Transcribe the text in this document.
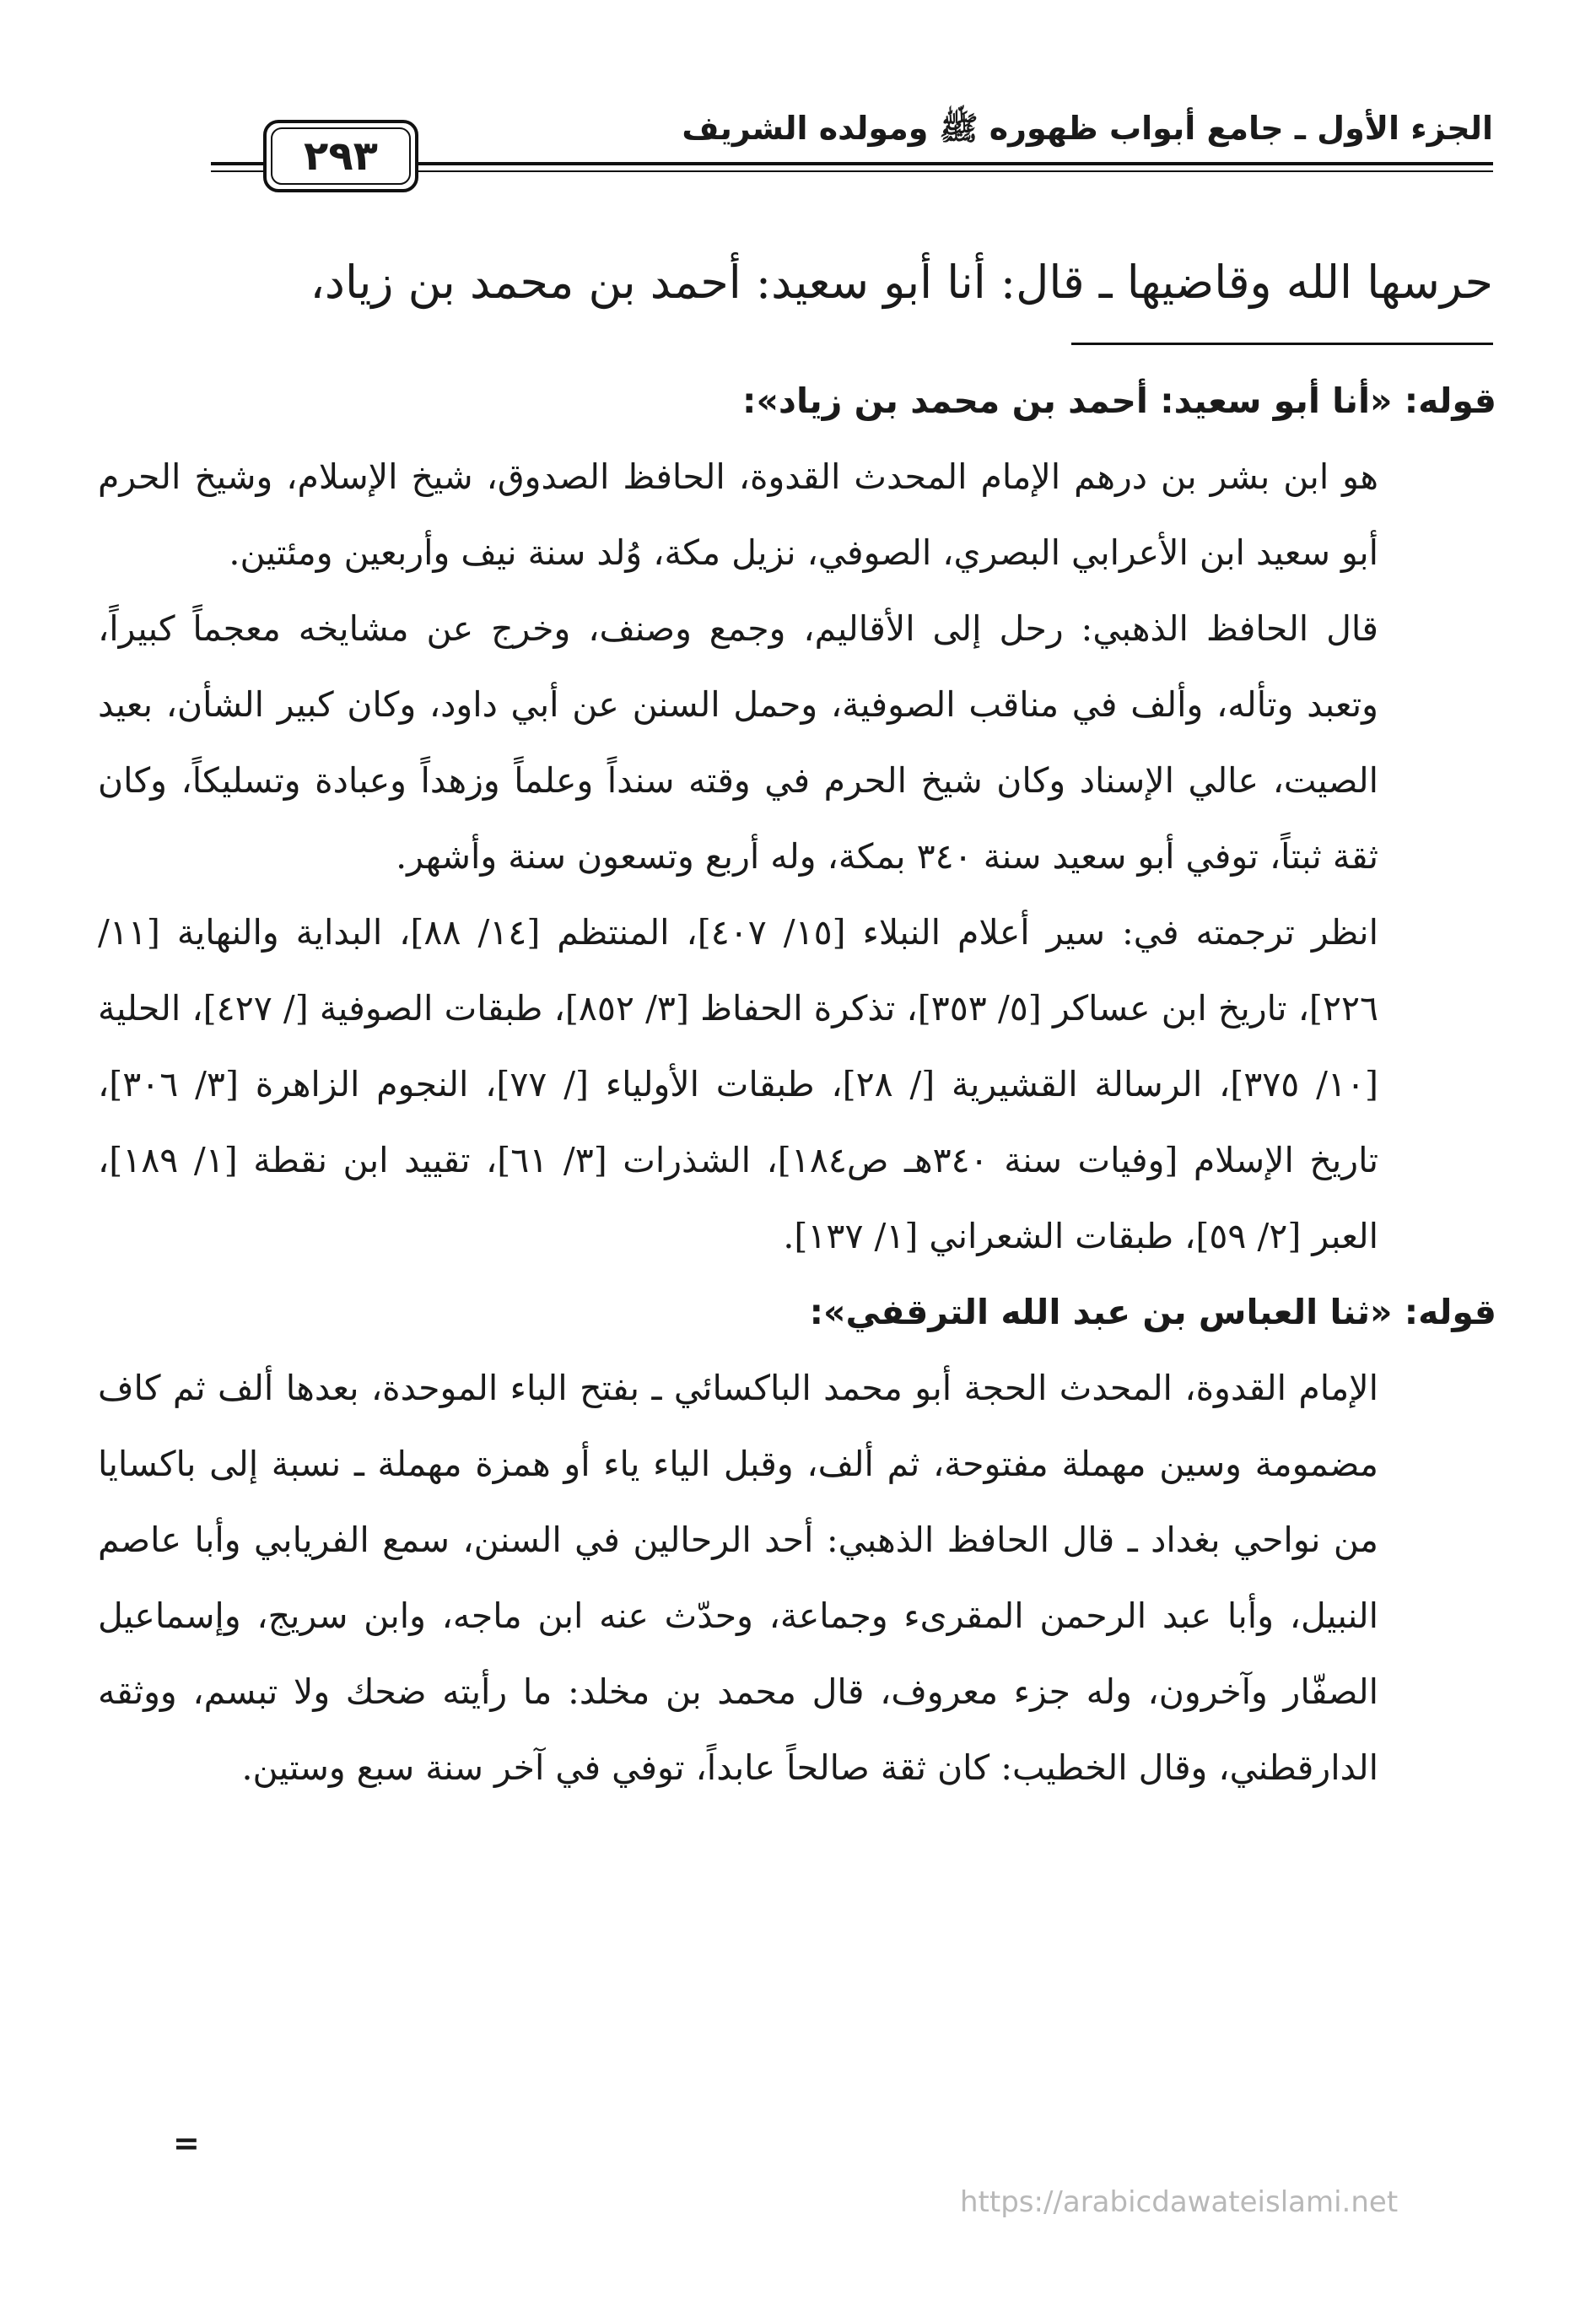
الجزء الأول ـ جامع أبواب ظهوره ﷺ ومولده الشريف
٢٩٣
حرسها الله وقاضيها ـ قال: أنا أبو سعيد: أحمد بن محمد بن زياد،

قوله: «أنا أبو سعيد: أحمد بن محمد بن زياد»:

هو ابن بشر بن درهم الإمام المحدث القدوة، الحافظ الصدوق، شيخ الإسلام، وشيخ الحرم أبو سعيد ابن الأعرابي البصري، الصوفي، نزيل مكة، وُلد سنة نيف وأربعين ومئتين.

قال الحافظ الذهبي: رحل إلى الأقاليم، وجمع وصنف، وخرج عن مشايخه معجماً كبيراً، وتعبد وتأله، وألف في مناقب الصوفية، وحمل السنن عن أبي داود، وكان كبير الشأن، بعيد الصيت، عالي الإسناد وكان شيخ الحرم في وقته سنداً وعلماً وزهداً وعبادة وتسليكاً، وكان ثقة ثبتاً، توفي أبو سعيد سنة ٣٤٠ بمكة، وله أربع وتسعون سنة وأشهر.

انظر ترجمته في: سير أعلام النبلاء [١٥/ ٤٠٧]، المنتظم [١٤/ ٨٨]، البداية والنهاية [١١/ ٢٢٦]، تاريخ ابن عساكر [٥/ ٣٥٣]، تذكرة الحفاظ [٣/ ٨٥٢]، طبقات الصوفية [/ ٤٢٧]، الحلية [١٠/ ٣٧٥]، الرسالة القشيرية [/ ٢٨]، طبقات الأولياء [/ ٧٧]، النجوم الزاهرة [٣/ ٣٠٦]، تاريخ الإسلام [وفيات سنة ٣٤٠هـ ص١٨٤]، الشذرات [٣/ ٦١]، تقييد ابن نقطة [١/ ١٨٩]، العبر [٢/ ٥٩]، طبقات الشعراني [١/ ١٣٧].

قوله: «ثنا العباس بن عبد الله الترقفي»:

الإمام القدوة، المحدث الحجة أبو محمد الباكسائي ـ بفتح الباء الموحدة، بعدها ألف ثم كاف مضمومة وسين مهملة مفتوحة، ثم ألف، وقبل الياء ياء أو همزة مهملة ـ نسبة إلى باكسايا من نواحي بغداد ـ قال الحافظ الذهبي: أحد الرحالين في السنن، سمع الفريابي وأبا عاصم النبيل، وأبا عبد الرحمن المقرىء وجماعة، وحدّث عنه ابن ماجه، وابن سريج، وإسماعيل الصفّار وآخرون، وله جزء معروف، قال محمد بن مخلد: ما رأيته ضحك ولا تبسم، ووثقه الدارقطني، وقال الخطيب: كان ثقة صالحاً عابداً، توفي في آخر سنة سبع وستين.

=
https://arabicdawateislami.net
